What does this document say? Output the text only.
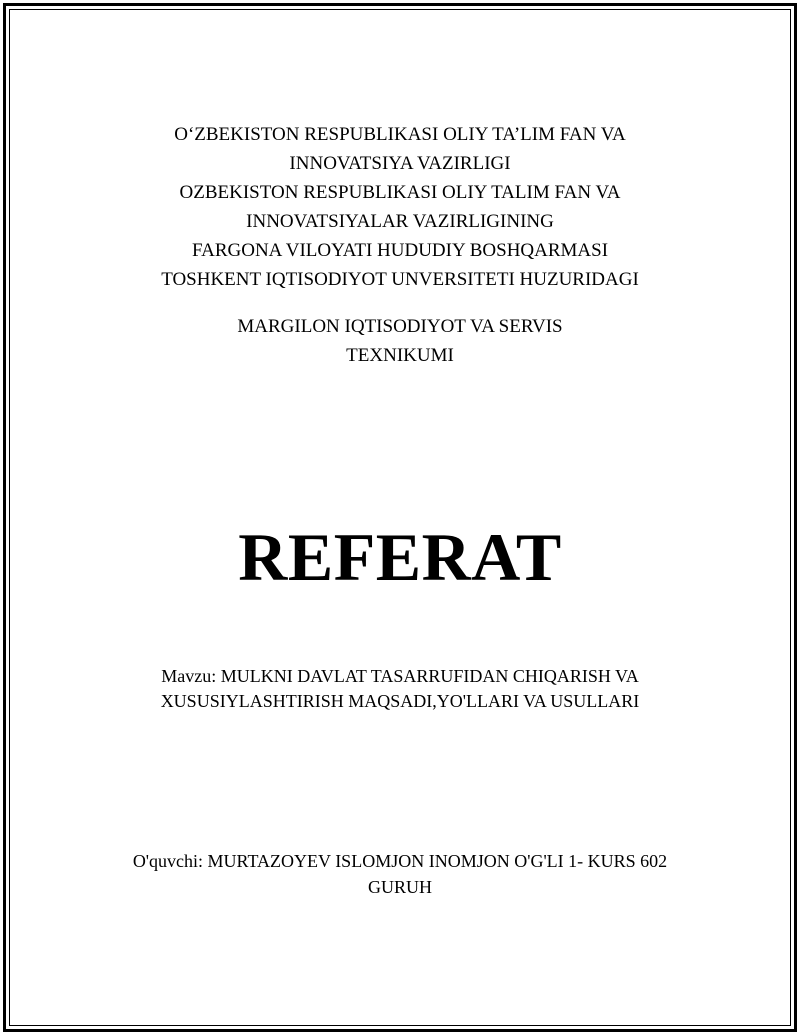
O‘ZBEKISTON RESPUBLIKASI OLIY TA’LIM FAN VA
INNOVATSIYA VAZIRLIGI
OZBEKISTON RESPUBLIKASI OLIY TALIM FAN VA
INNOVATSIYALAR VAZIRLIGINING
FARGONA VILOYATI HUDUDIY BOSHQARMASI
TOSHKENT IQTISODIYOT UNVERSITETI HUZURIDAGI
MARGILON IQTISODIYOT VA SERVIS
TEXNIKUMI
REFERAT
Mavzu: MULKNI DAVLAT TASARRUFIDAN CHIQARISH VA
XUSUSIYLASHTIRISH MAQSADI,YO'LLARI VA USULLARI
O'quvchi: MURTAZOYEV ISLOMJON INOMJON O'G'LI 1- KURS 602
GURUH
